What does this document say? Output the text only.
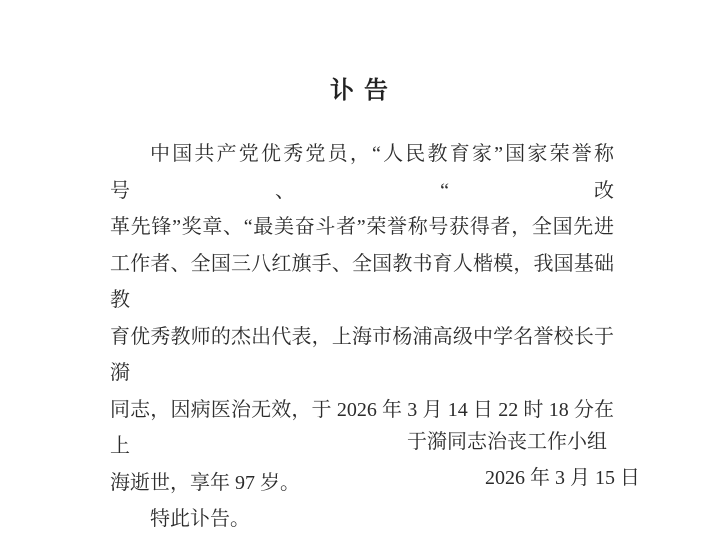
讣 告
中国共产党优秀党员，“人民教育家”国家荣誉称号、“改
革先锋”奖章、“最美奋斗者”荣誉称号获得者，全国先进
工作者、全国三八红旗手、全国教书育人楷模，我国基础教
育优秀教师的杰出代表，上海市杨浦高级中学名誉校长于漪
同志，因病医治无效，于 2026 年 3 月 14 日 22 时 18 分在上
海逝世，享年 97 岁。
特此讣告。
于漪同志治丧工作小组
2026 年 3 月 15 日
